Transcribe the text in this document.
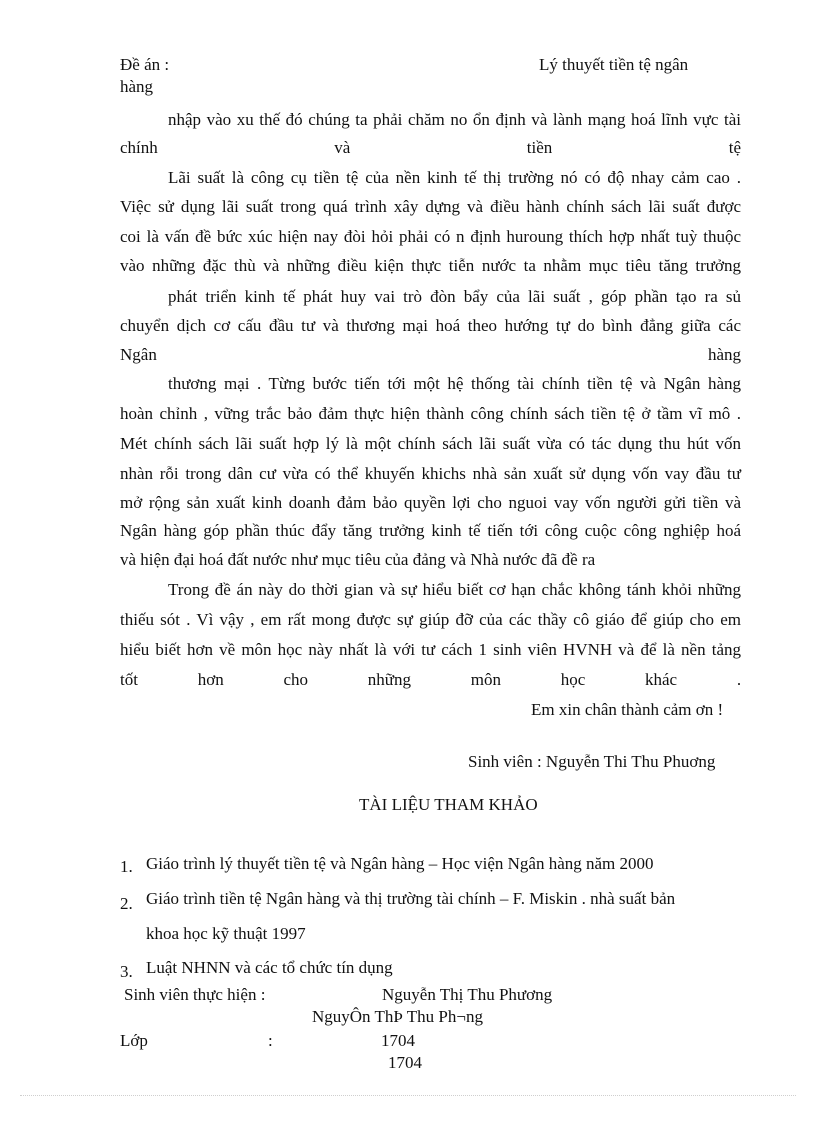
Đề án :	Lý thuyết tiền tệ ngân
hàng
nhập vào xu thế đó chúng ta phải chăm no ổn định và lành mạng hoá lĩnh vực tài
chính	và	tiền	tệ
Lãi suất là công cụ tiền tệ của nền kinh tế thị trường nó có độ nhay cảm cao .
Việc sử dụng lãi suất trong quá trình xây dựng và điều hành chính sách lãi suất được
coi là vấn đề bức xúc hiện nay đòi hỏi phải có n định huroung thích hợp nhất tuỳ thuộc
vào những đặc thù và những điều kiện thực tiễn nước ta nhằm mục tiêu tăng trưởng
phát triển kinh tế phát huy vai trò đòn bẩy của lãi suất , góp phần tạo ra sủ
chuyển dịch cơ cấu đầu tư và thương mại hoá theo hướng tự do bình đẳng giữa các
Ngân	hàng
thương mại . Từng bước tiến tới một hệ thống tài chính tiền tệ và Ngân hàng
hoàn chỉnh , vững trắc bảo đảm thực hiện thành công chính sách tiền tệ ở tầm vĩ mô .
Mét chính sách lãi suất hợp lý là một chính sách lãi suất vừa có tác dụng thu hút vốn
nhàn rỗi trong dân cư vừa có thể khuyến khichs nhà sản xuất sử dụng vốn vay đầu tư
mở rộng sản xuất kinh doanh đảm bảo quyền lợi cho nguoi vay vốn người gửi tiền và
Ngân hàng góp phần thúc đẩy tăng trưởng kinh tế tiến tới công cuộc công nghiệp hoá
và hiện đại hoá đất nước như mục tiêu của đảng và Nhà nước đã đề ra
Trong đề án này do thời gian và sự hiểu biết cơ hạn chắc không tánh khỏi những
thiếu sót . Vì vậy , em rất mong được sự giúp đỡ của các thầy cô giáo để giúp cho em
hiểu biết hơn về môn học này nhất là với tư cách 1 sinh viên HVNH và để là nền tảng
tốt	hơn	cho	những	môn	học	khác	.
Em xin chân thành cảm ơn !
Sinh viên : Nguyễn Thi Thu Phuơng
TÀI LIỆU THAM KHẢO
1. Giáo trình lý thuyết tiền tệ và Ngân hàng – Học viện Ngân hàng năm 2000
2. Giáo trình tiền tệ Ngân hàng và thị trường tài chính – F. Miskin . nhà suất bản
khoa học kỹ thuật 1997
3. Luật NHNN và các tổ chức tín dụng
Sinh viên thực hiện :	Nguyễn Thị Thu Phương
NguyÔn ThÞ Thu Ph¬ng
Lớp	:	1704
1704
